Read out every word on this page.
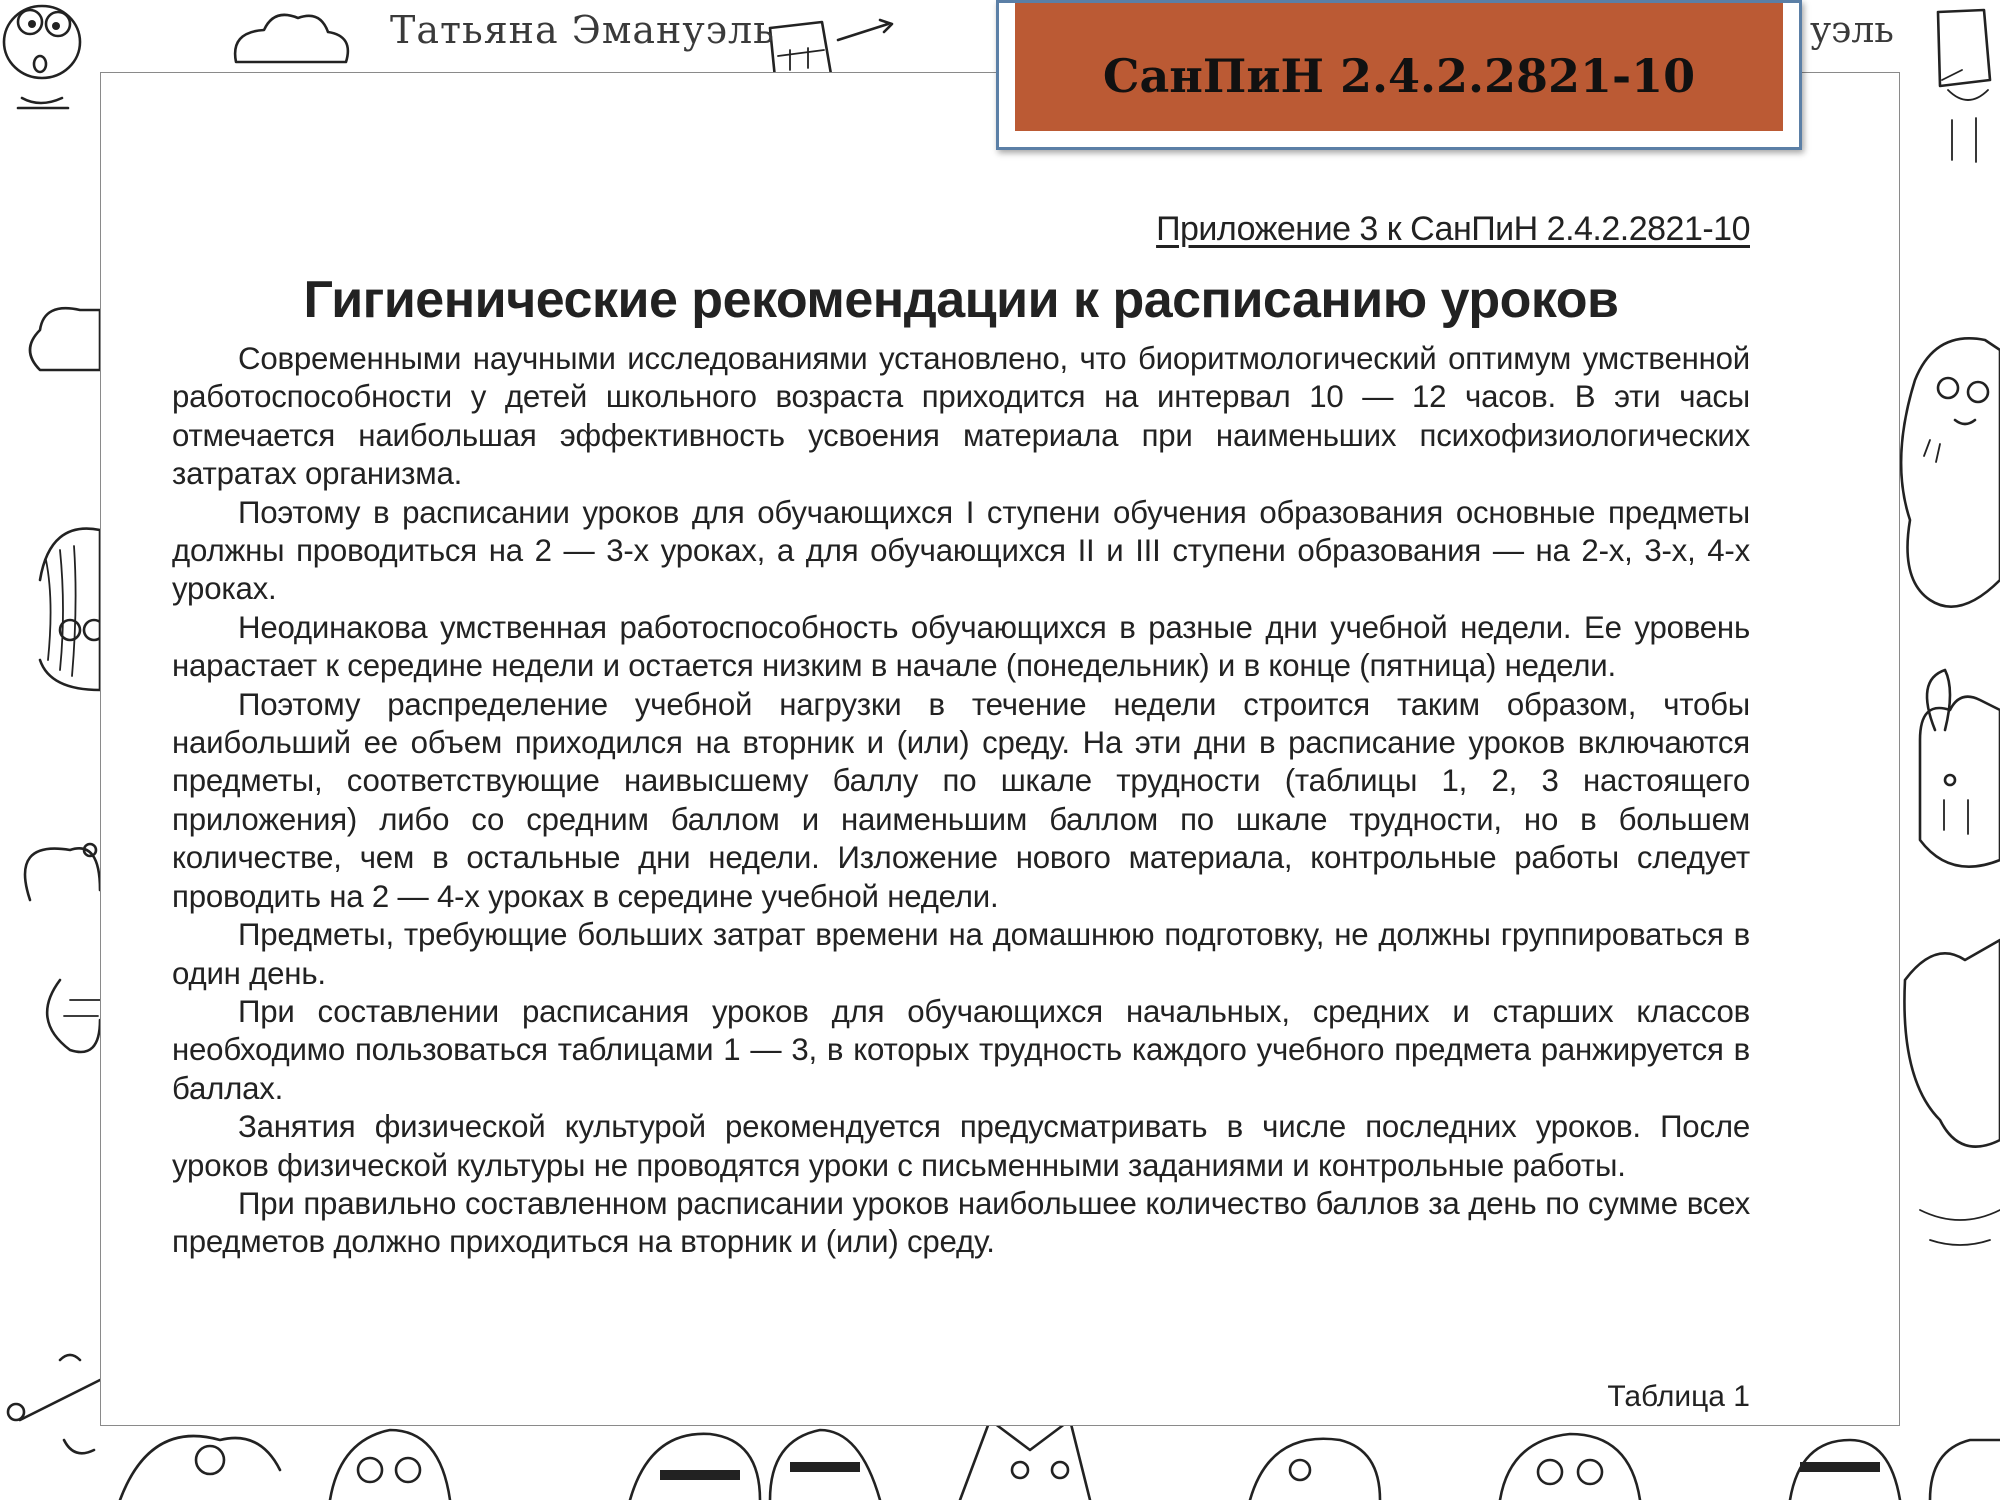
Татьяна Эмануэль	уэль
СанПиН 2.4.2.2821-10

Приложение 3 к СанПиН 2.4.2.2821-10

Гигиенические рекомендации к расписанию уроков

Современными научными исследованиями установлено, что биоритмологический оптимум умственной работоспособности у детей школьного возраста приходится на интервал 10 — 12 часов. В эти часы отмечается наибольшая эффективность усвоения материала при наименьших психофизиологических затратах организма.

Поэтому в расписании уроков для обучающихся I ступени обучения образования основные предметы должны проводиться на 2 — 3-х уроках, а для обучающихся II и III ступени образования — на 2-х, 3-х, 4-х уроках.

Неодинакова умственная работоспособность обучающихся в разные дни учебной недели. Ее уровень нарастает к середине недели и остается низким в начале (понедельник) и в конце (пятница) недели.

Поэтому распределение учебной нагрузки в течение недели строится таким образом, чтобы наибольший ее объем приходился на вторник и (или) среду. На эти дни в расписание уроков включаются предметы, соответствующие наивысшему баллу по шкале трудности (таблицы 1, 2, 3 настоящего приложения) либо со средним баллом и наименьшим баллом по шкале трудности, но в большем количестве, чем в остальные дни недели. Изложение нового материала, контрольные работы следует проводить на 2 — 4-х уроках в середине учебной недели.

Предметы, требующие больших затрат времени на домашнюю подготовку, не должны группироваться в один день.

При составлении расписания уроков для обучающихся начальных, средних и старших классов необходимо пользоваться таблицами 1 — 3, в которых трудность каждого учебного предмета ранжируется в баллах.

Занятия физической культурой рекомендуется предусматривать в числе последних уроков. После уроков физической культуры не проводятся уроки с письменными заданиями и контрольные работы.

При правильно составленном расписании уроков наибольшее количество баллов за день по сумме всех предметов должно приходиться на вторник и (или) среду.

Таблица 1
